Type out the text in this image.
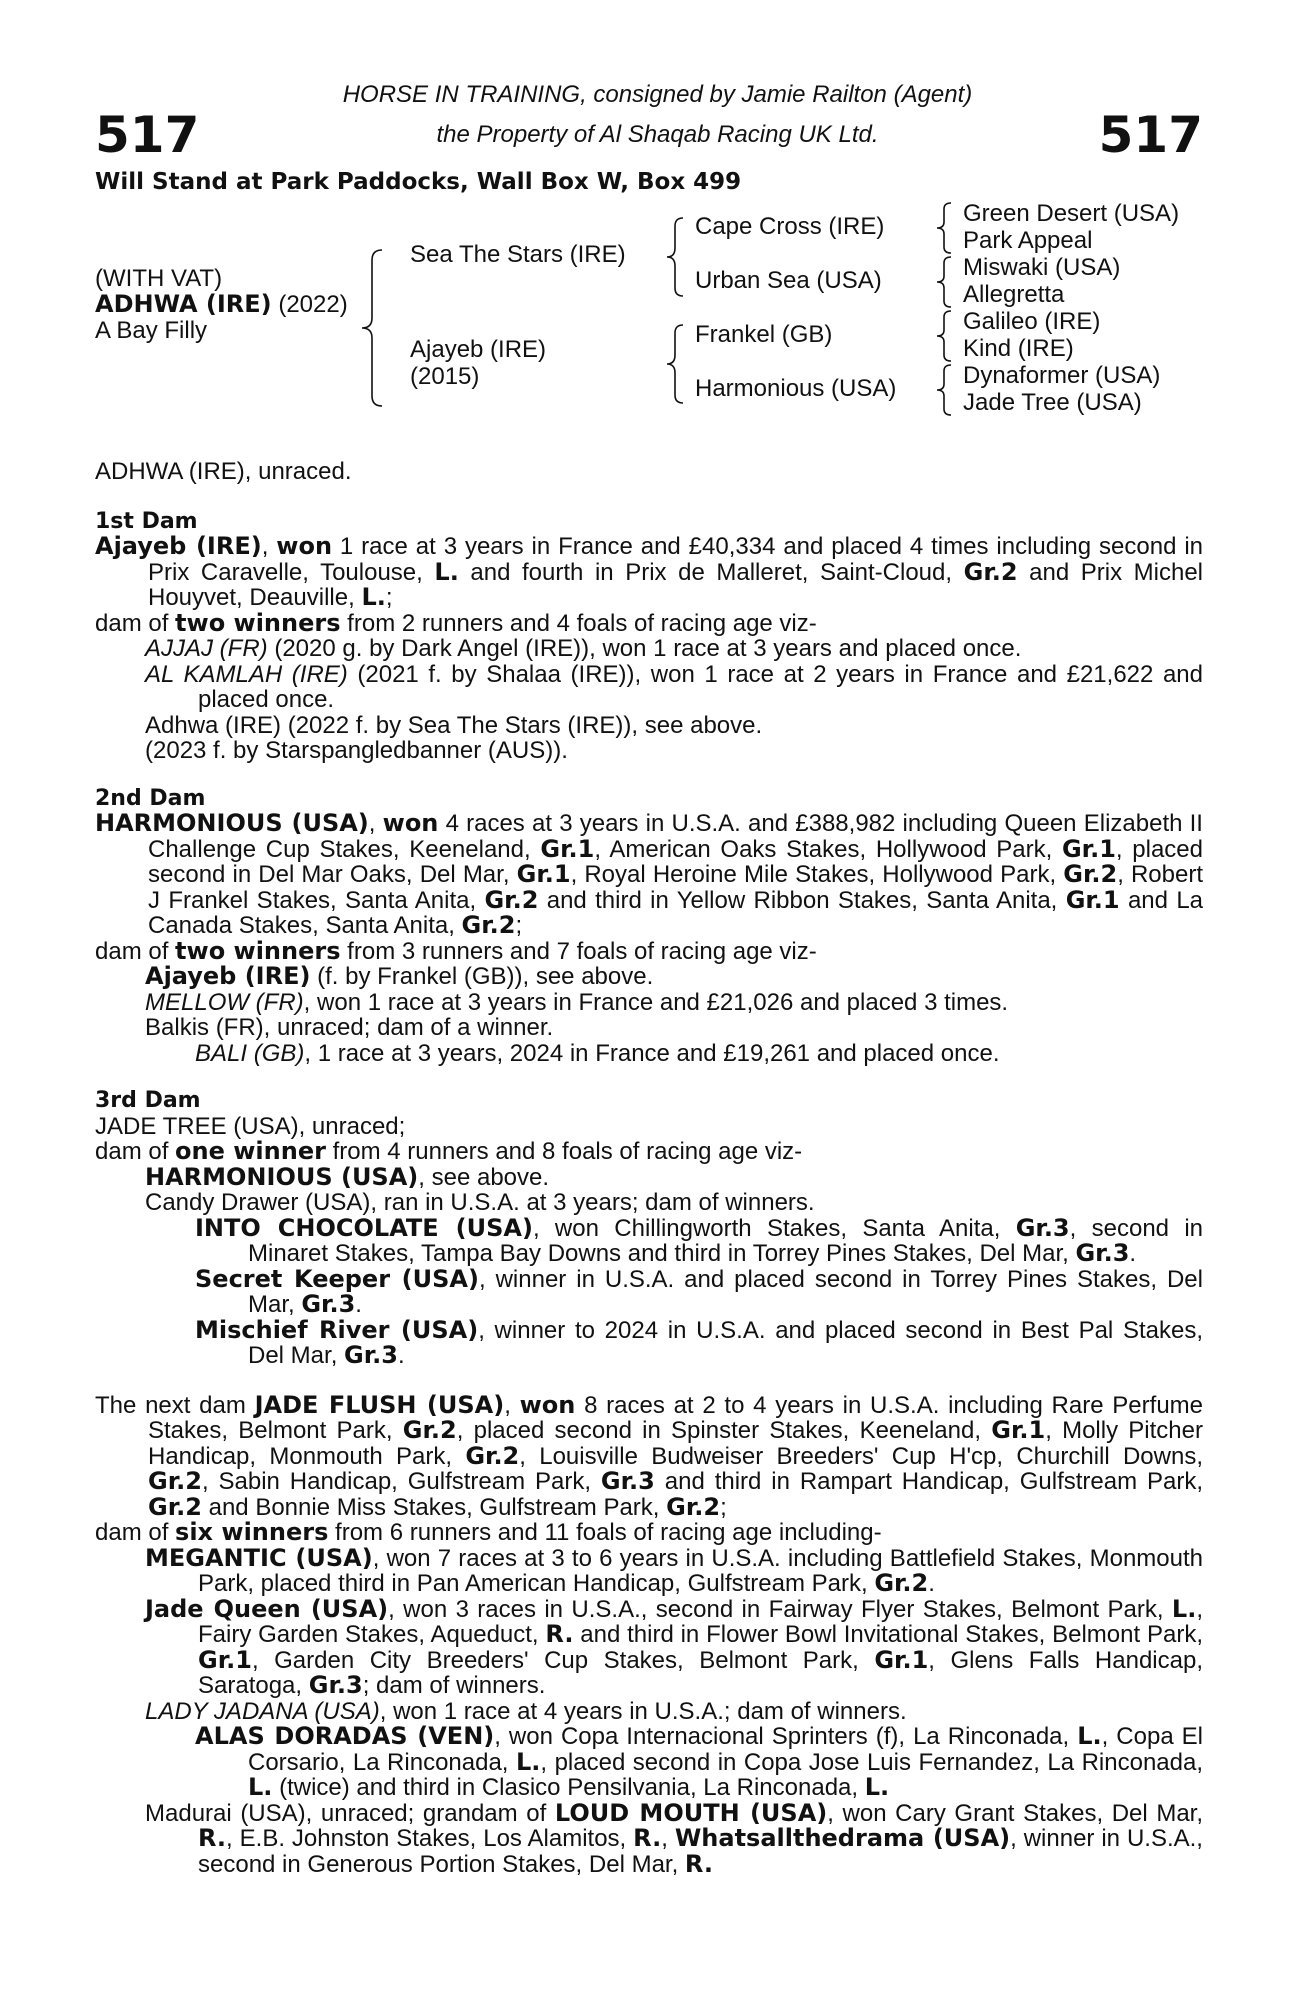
517	517
HORSE IN TRAINING, consigned by Jamie Railton (Agent)
the Property of Al Shaqab Racing UK Ltd.
Will Stand at Park Paddocks, Wall Box W, Box 499
(WITH VAT)
ADHWA (IRE) (2022)
A Bay Filly
Sea The Stars (IRE)
Ajayeb (IRE)
(2015)
Cape Cross (IRE)
Urban Sea (USA)
Frankel (GB)
Harmonious (USA)
Green Desert (USA)
Park Appeal
Miswaki (USA)
Allegretta
Galileo (IRE)
Kind (IRE)
Dynaformer (USA)
Jade Tree (USA)
ADHWA (IRE), unraced.
1st Dam
Ajayeb (IRE), won 1 race at 3 years in France and £40,334 and placed 4 times including second in Prix Caravelle, Toulouse, L. and fourth in Prix de Malleret, Saint-Cloud, Gr.2 and Prix Michel Houyvet, Deauville, L.;
dam of two winners from 2 runners and 4 foals of racing age viz-
AJJAJ (FR) (2020 g. by Dark Angel (IRE)), won 1 race at 3 years and placed once.
AL KAMLAH (IRE) (2021 f. by Shalaa (IRE)), won 1 race at 2 years in France and £21,622 and placed once.
Adhwa (IRE) (2022 f. by Sea The Stars (IRE)), see above.
(2023 f. by Starspangledbanner (AUS)).
2nd Dam
HARMONIOUS (USA), won 4 races at 3 years in U.S.A. and £388,982 including Queen Elizabeth II Challenge Cup Stakes, Keeneland, Gr.1, American Oaks Stakes, Hollywood Park, Gr.1, placed second in Del Mar Oaks, Del Mar, Gr.1, Royal Heroine Mile Stakes, Hollywood Park, Gr.2, Robert J Frankel Stakes, Santa Anita, Gr.2 and third in Yellow Ribbon Stakes, Santa Anita, Gr.1 and La Canada Stakes, Santa Anita, Gr.2;
dam of two winners from 3 runners and 7 foals of racing age viz-
Ajayeb (IRE) (f. by Frankel (GB)), see above.
MELLOW (FR), won 1 race at 3 years in France and £21,026 and placed 3 times.
Balkis (FR), unraced; dam of a winner.
BALI (GB), 1 race at 3 years, 2024 in France and £19,261 and placed once.
3rd Dam
JADE TREE (USA), unraced;
dam of one winner from 4 runners and 8 foals of racing age viz-
HARMONIOUS (USA), see above.
Candy Drawer (USA), ran in U.S.A. at 3 years; dam of winners.
INTO CHOCOLATE (USA), won Chillingworth Stakes, Santa Anita, Gr.3, second in Minaret Stakes, Tampa Bay Downs and third in Torrey Pines Stakes, Del Mar, Gr.3.
Secret Keeper (USA), winner in U.S.A. and placed second in Torrey Pines Stakes, Del Mar, Gr.3.
Mischief River (USA), winner to 2024 in U.S.A. and placed second in Best Pal Stakes, Del Mar, Gr.3.
The next dam JADE FLUSH (USA), won 8 races at 2 to 4 years in U.S.A. including Rare Perfume Stakes, Belmont Park, Gr.2, placed second in Spinster Stakes, Keeneland, Gr.1, Molly Pitcher Handicap, Monmouth Park, Gr.2, Louisville Budweiser Breeders' Cup H'cp, Churchill Downs, Gr.2, Sabin Handicap, Gulfstream Park, Gr.3 and third in Rampart Handicap, Gulfstream Park, Gr.2 and Bonnie Miss Stakes, Gulfstream Park, Gr.2;
dam of six winners from 6 runners and 11 foals of racing age including-
MEGANTIC (USA), won 7 races at 3 to 6 years in U.S.A. including Battlefield Stakes, Monmouth Park, placed third in Pan American Handicap, Gulfstream Park, Gr.2.
Jade Queen (USA), won 3 races in U.S.A., second in Fairway Flyer Stakes, Belmont Park, L., Fairy Garden Stakes, Aqueduct, R. and third in Flower Bowl Invitational Stakes, Belmont Park, Gr.1, Garden City Breeders' Cup Stakes, Belmont Park, Gr.1, Glens Falls Handicap, Saratoga, Gr.3; dam of winners.
LADY JADANA (USA), won 1 race at 4 years in U.S.A.; dam of winners.
ALAS DORADAS (VEN), won Copa Internacional Sprinters (f), La Rinconada, L., Copa El Corsario, La Rinconada, L., placed second in Copa Jose Luis Fernandez, La Rinconada, L. (twice) and third in Clasico Pensilvania, La Rinconada, L.
Madurai (USA), unraced; grandam of LOUD MOUTH (USA), won Cary Grant Stakes, Del Mar, R., E.B. Johnston Stakes, Los Alamitos, R., Whatsallthedrama (USA), winner in U.S.A., second in Generous Portion Stakes, Del Mar, R.
